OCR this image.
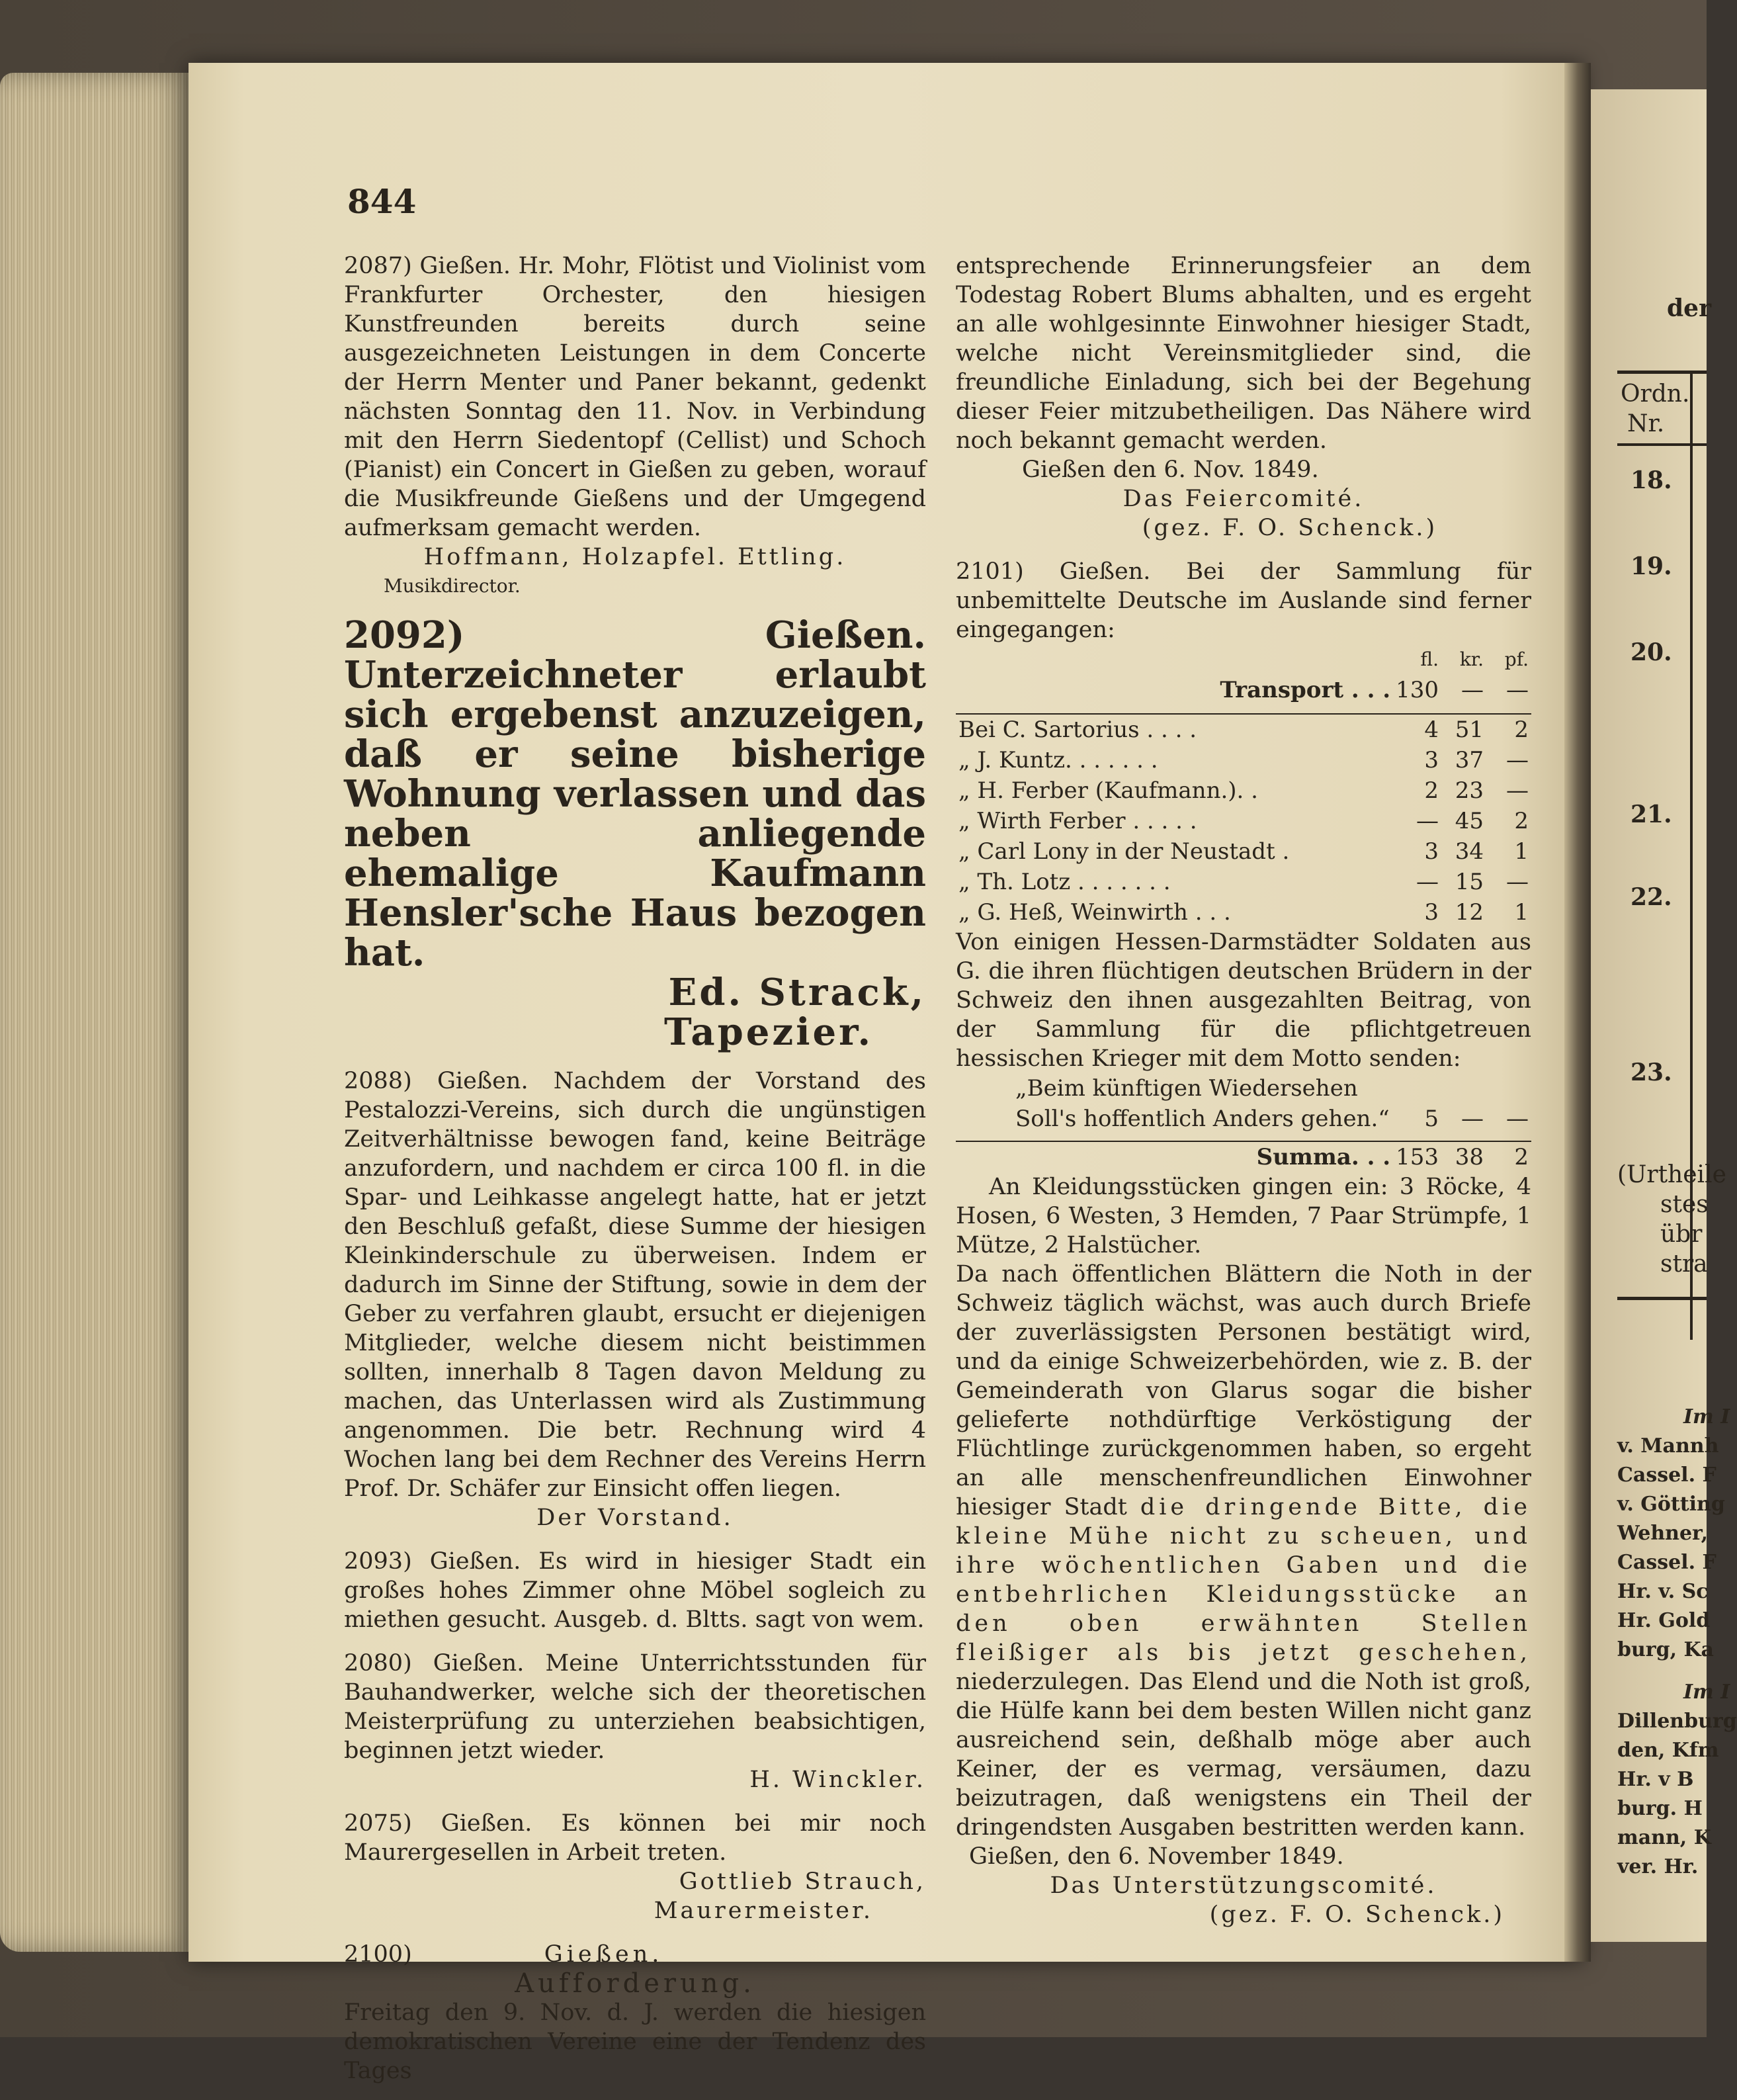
844

2087) Gießen. Hr. Mohr, Flötist und Violinist vom Frankfurter Orchester, den hiesigen Kunstfreunden bereits durch seine ausgezeichneten Leistungen in dem Concerte der Herrn Menter und Paner bekannt, gedenkt nächsten Sonntag den 11. Nov. in Verbindung mit den Herrn Siedentopf (Cellist) und Schoch (Pianist) ein Concert in Gießen zu geben, worauf die Musikfreunde Gießens und der Umgegend aufmerksam gemacht werden.

Hoffmann, Holzapfel. Ettling.

Musikdirector.

2092) Gießen. Unterzeichneter erlaubt sich ergebenst anzuzeigen, daß er seine bisherige Wohnung verlassen und das neben anliegende ehemalige Kaufmann Hensler'sche Haus bezogen hat.

Ed. Strack,

Tapezier.

2088) Gießen. Nachdem der Vorstand des Pestalozzi-Vereins, sich durch die ungünstigen Zeitverhältnisse bewogen fand, keine Beiträge anzufordern, und nachdem er circa 100 fl. in die Spar- und Leihkasse angelegt hatte, hat er jetzt den Beschluß gefaßt, diese Summe der hiesigen Kleinkinderschule zu überweisen. Indem er dadurch im Sinne der Stiftung, sowie in dem der Geber zu verfahren glaubt, ersucht er diejenigen Mitglieder, welche diesem nicht beistimmen sollten, innerhalb 8 Tagen davon Meldung zu machen, das Unterlassen wird als Zustimmung angenommen. Die betr. Rechnung wird 4 Wochen lang bei dem Rechner des Vereins Herrn Prof. Dr. Schäfer zur Einsicht offen liegen.

Der Vorstand.

2093) Gießen. Es wird in hiesiger Stadt ein großes hohes Zimmer ohne Möbel sogleich zu miethen gesucht. Ausgeb. d. Bltts. sagt von wem.

2080) Gießen. Meine Unterrichtsstunden für Bauhandwerker, welche sich der theoretischen Meisterprüfung zu unterziehen beabsichtigen, beginnen jetzt wieder.

H. Winckler.

2075) Gießen. Es können bei mir noch Maurergesellen in Arbeit treten.

Gottlieb Strauch,

Maurermeister.

2100)	Gießen.

Aufforderung.

Freitag den 9. Nov. d. J. werden die hiesigen demokratischen Vereine eine der Tendenz des Tages

entsprechende Erinnerungsfeier an dem Todestag Robert Blums abhalten, und es ergeht an alle wohlgesinnte Einwohner hiesiger Stadt, welche nicht Vereinsmitglieder sind, die freundliche Einladung, sich bei der Begehung dieser Feier mitzubetheiligen. Das Nähere wird noch bekannt gemacht werden.

Gießen den 6. Nov. 1849.

Das Feiercomité.

(gez. F. O. Schenck.)

2101) Gießen. Bei der Sammlung für unbemittelte Deutsche im Auslande sind ferner eingegangen:

	fl.	kr.	pf.
Transport . . .	130	—	—

Bei C. Sartorius . . . .	4	51	2
„ J. Kuntz. . . . . . .	3	37	—
„ H. Ferber (Kaufmann.). .	2	23	—
„ Wirth Ferber . . . . .	—	45	2
„ Carl Lony in der Neustadt .	3	34	1
„ Th. Lotz . . . . . . .	—	15	—
„ G. Heß, Weinwirth . . .	3	12	1

Von einigen Hessen-Darmstädter Soldaten aus G. die ihren flüchtigen deutschen Brüdern in der Schweiz den ihnen ausgezahlten Beitrag, von der Sammlung für die pflichtgetreuen hessischen Krieger mit dem Motto senden:

„Beim künftigen Wiedersehen			
Soll's hoffentlich Anders gehen.“	5	—	—

Summa. . .	153	38	2

An Kleidungsstücken gingen ein: 3 Röcke, 4 Hosen, 6 Westen, 3 Hemden, 7 Paar Strümpfe, 1 Mütze, 2 Halstücher.

Da nach öffentlichen Blättern die Noth in der Schweiz täglich wächst, was auch durch Briefe der zuverlässigsten Personen bestätigt wird, und da einige Schweizerbehörden, wie z. B. der Gemeinderath von Glarus sogar die bisher gelieferte nothdürftige Verköstigung der Flüchtlinge zurückgenommen haben, so ergeht an alle menschenfreundlichen Einwohner hiesiger Stadt die dringende Bitte, die kleine Mühe nicht zu scheuen, und ihre wöchentlichen Gaben und die entbehrlichen Kleidungsstücke an den oben erwähnten Stellen fleißiger als bis jetzt geschehen, niederzulegen. Das Elend und die Noth ist groß, die Hülfe kann bei dem besten Willen nicht ganz ausreichend sein, deßhalb möge aber auch Keiner, der es vermag, versäumen, dazu beizutragen, daß wenigstens ein Theil der dringendsten Ausgaben bestritten werden kann.

Gießen, den 6. November 1849.

Das Unterstützungscomité.

(gez. F. O. Schenck.)

der
Ordn.
Nr.
18.
19.
20.
21.
22.
23.
(Urtheile
stes
übr
stra
Im I
v. Mannh
Cassel. F
v. Götting
Wehner,
Cassel. F
Hr. v. Sc
Hr. Gold
burg, Ka
Im I
Dillenburg
den, Kfm
Hr. v B
burg. H
mann, K
ver. Hr.
